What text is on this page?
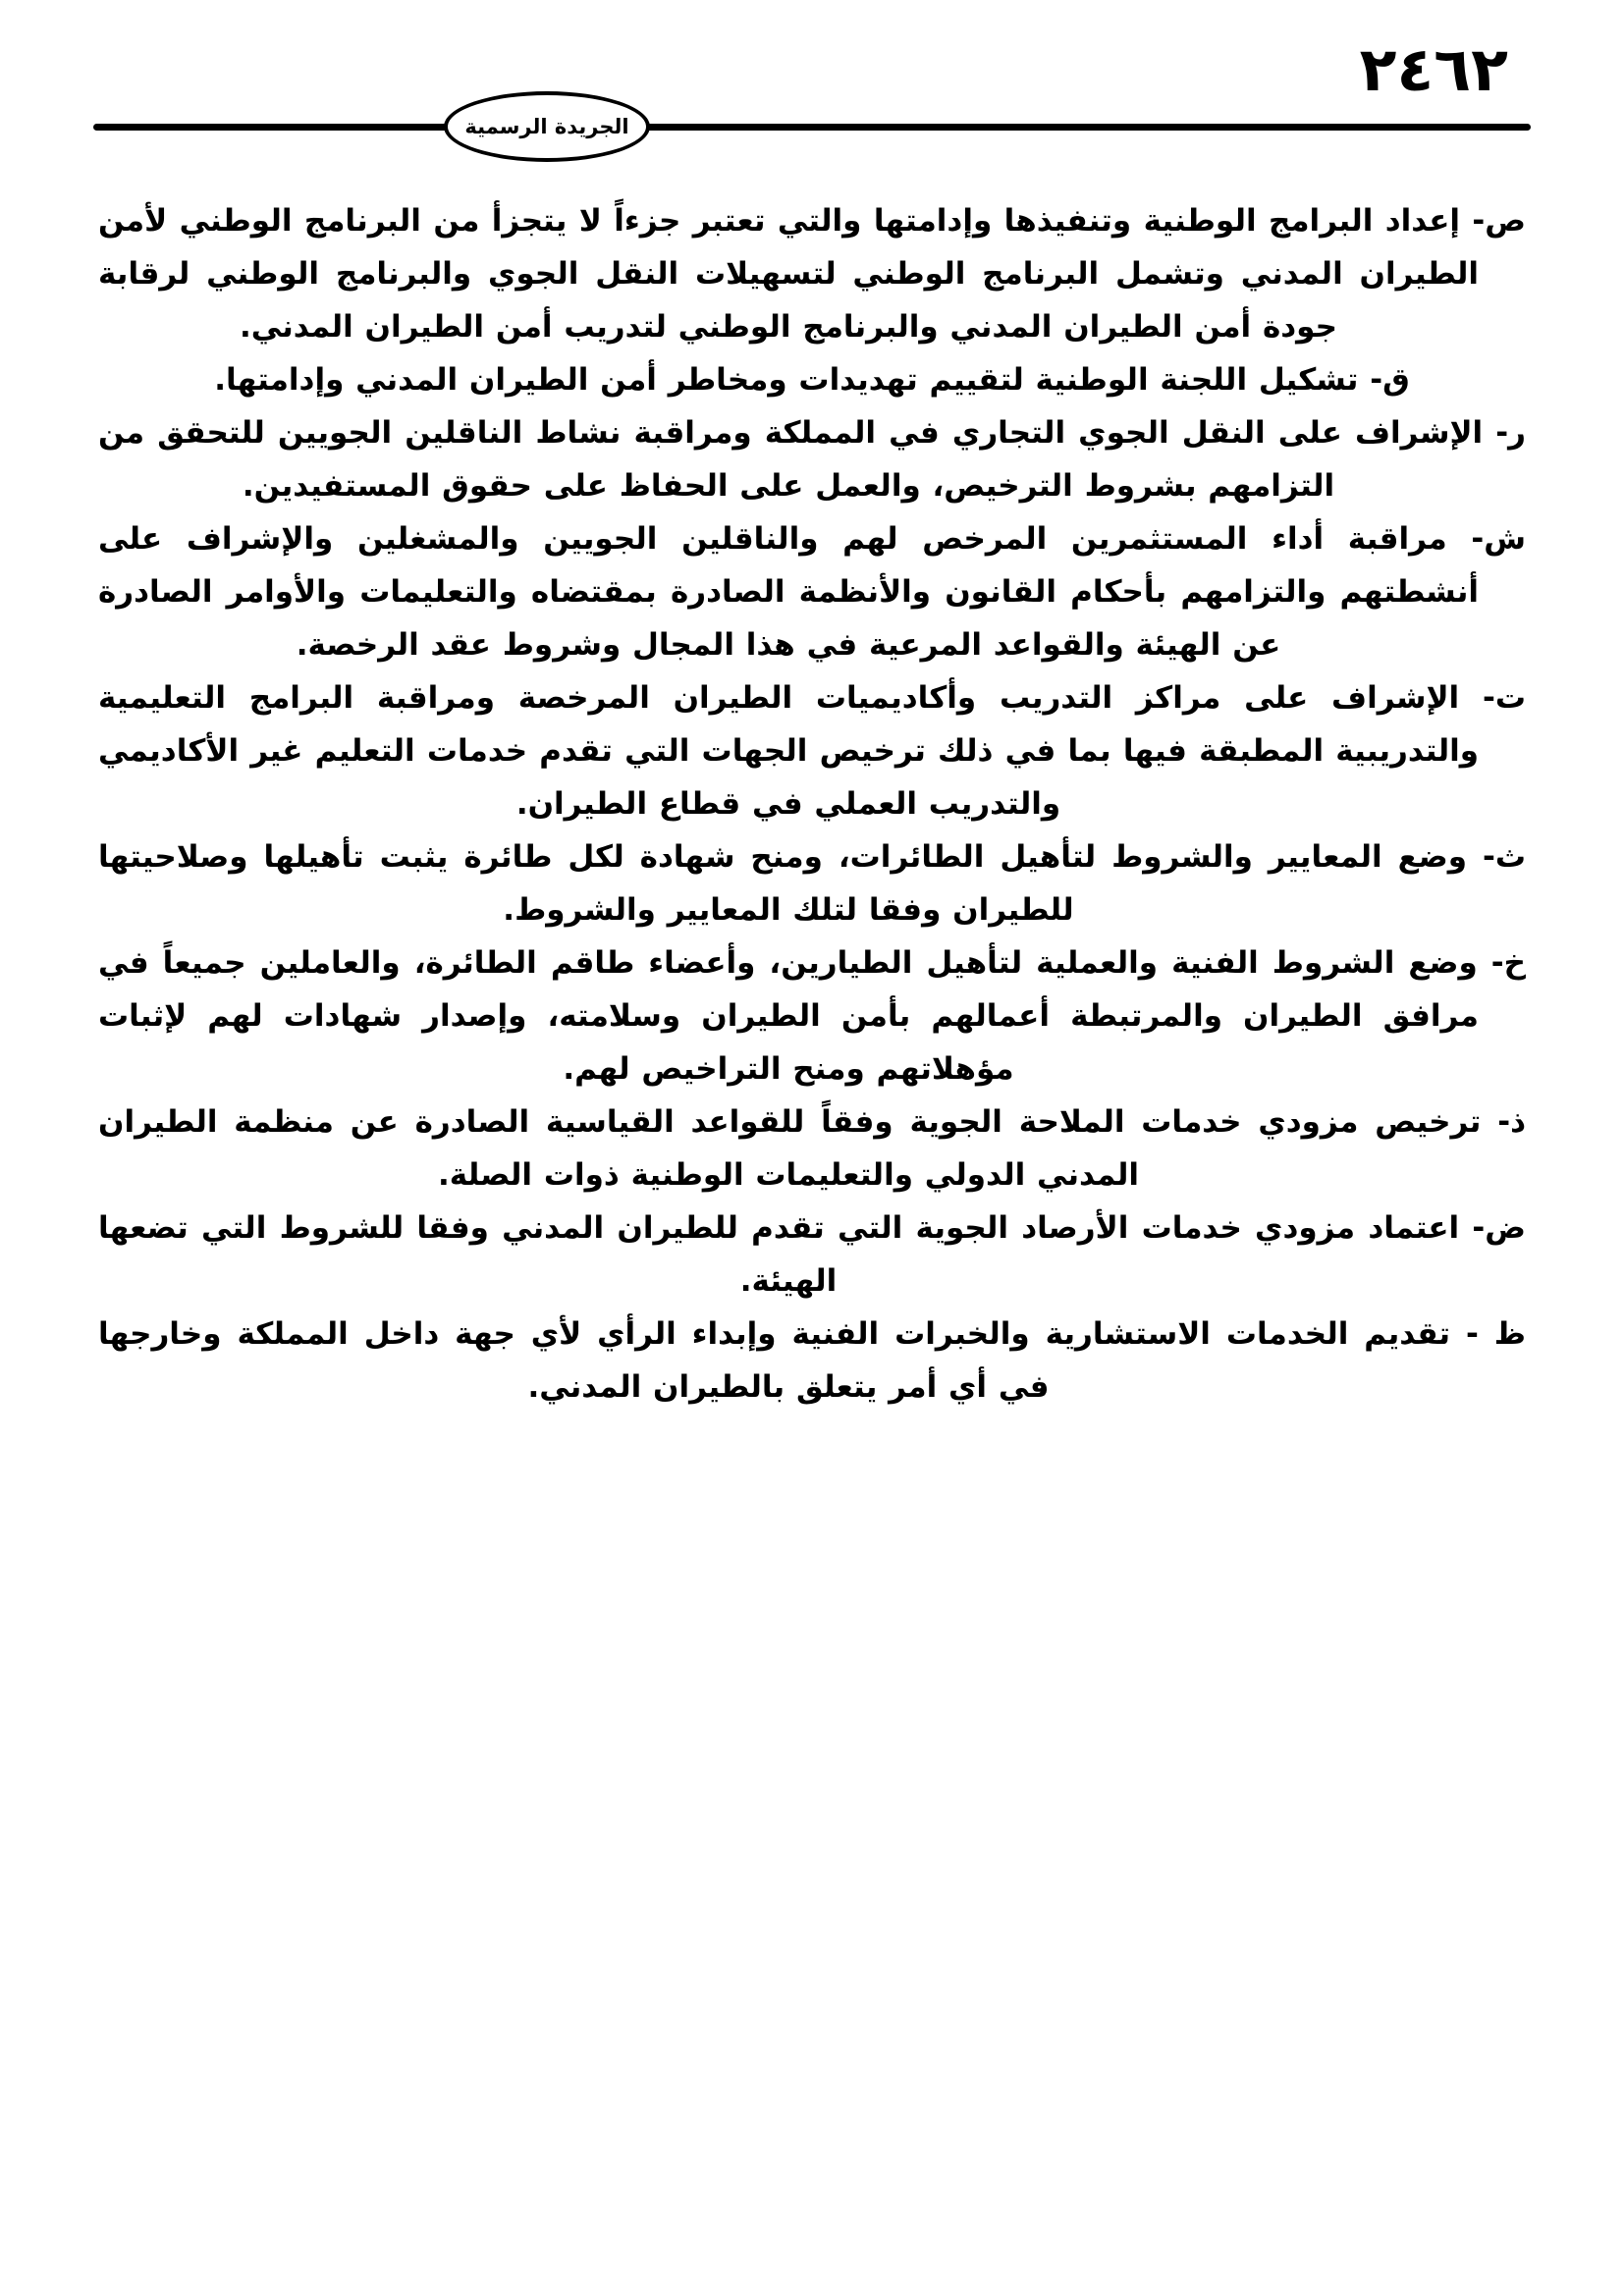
٢٤٦٢
الجريدة الرسمية

ص- إعداد البرامج الوطنية وتنفيذها وإدامتها والتي تعتبر جزءاً لا يتجزأ من البرنامج الوطني لأمن الطيران المدني وتشمل البرنامج الوطني لتسهيلات النقل الجوي والبرنامج الوطني لرقابة جودة أمن الطيران المدني والبرنامج الوطني لتدريب أمن الطيران المدني.

ق- تشكيل اللجنة الوطنية لتقييم تهديدات ومخاطر أمن الطيران المدني وإدامتها.

ر- الإشراف على النقل الجوي التجاري في المملكة ومراقبة نشاط الناقلين الجويين للتحقق من التزامهم بشروط الترخيص، والعمل على الحفاظ على حقوق المستفيدين.

ش- مراقبة أداء المستثمرين المرخص لهم والناقلين الجويين والمشغلين والإشراف على أنشطتهم والتزامهم بأحكام القانون والأنظمة الصادرة بمقتضاه والتعليمات والأوامر الصادرة عن الهيئة والقواعد المرعية في هذا المجال وشروط عقد الرخصة.

ت- الإشراف على مراكز التدريب وأكاديميات الطيران المرخصة ومراقبة البرامج التعليمية والتدريبية المطبقة فيها بما في ذلك ترخيص الجهات التي تقدم خدمات التعليم غير الأكاديمي والتدريب العملي في قطاع الطيران.

ث- وضع المعايير والشروط لتأهيل الطائرات، ومنح شهادة لكل طائرة يثبت تأهيلها وصلاحيتها للطيران وفقا لتلك المعايير والشروط.

خ- وضع الشروط الفنية والعملية لتأهيل الطيارين، وأعضاء طاقم الطائرة، والعاملين جميعاً في مرافق الطيران والمرتبطة أعمالهم بأمن الطيران وسلامته، وإصدار شهادات لهم لإثبات مؤهلاتهم ومنح التراخيص لهم.

ذ- ترخيص مزودي خدمات الملاحة الجوية وفقاً للقواعد القياسية الصادرة عن منظمة الطيران المدني الدولي والتعليمات الوطنية ذوات الصلة.

ض- اعتماد مزودي خدمات الأرصاد الجوية التي تقدم للطيران المدني وفقا للشروط التي تضعها الهيئة.

ظ - تقديم الخدمات الاستشارية والخبرات الفنية وإبداء الرأي لأي جهة داخل المملكة وخارجها في أي أمر يتعلق بالطيران المدني.
